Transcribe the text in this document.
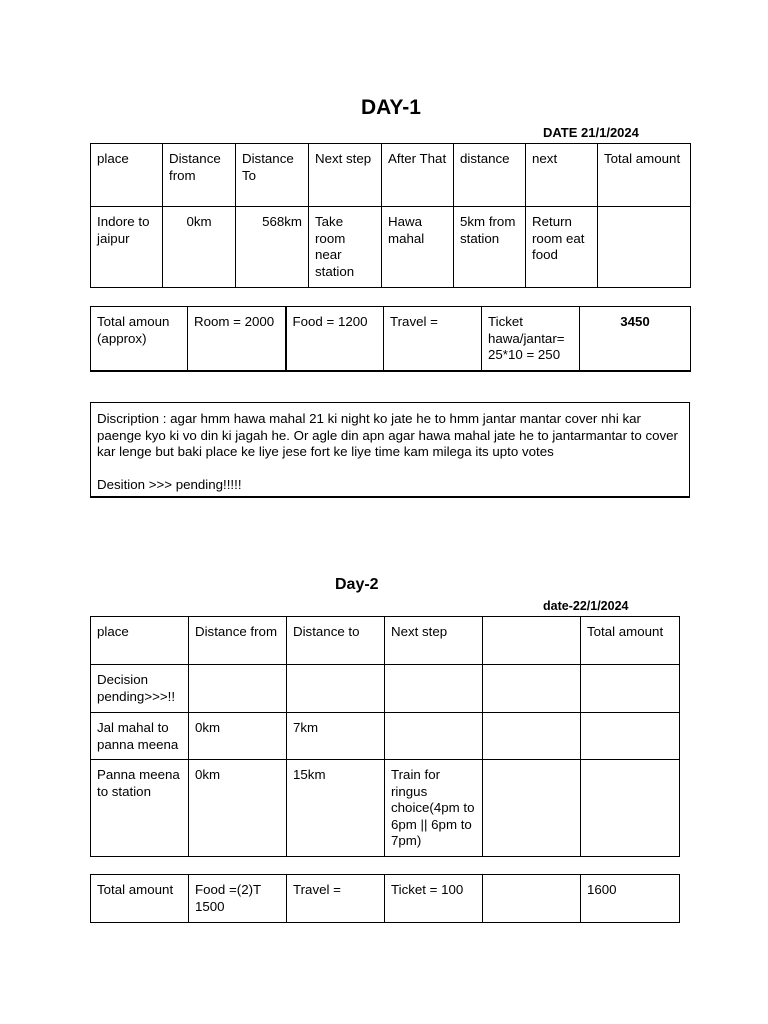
DAY-1
DATE 21/1/2024
place	Distance from	Distance To	Next step	After That	distance	next	Total amount
Indore to jaipur	0km	568km	Take room near station	Hawa mahal	5km from station	Return room eat food	
Total amoun (approx)	Room = 2000	Food = 1200	Travel =	Ticket hawa/jantar= 25*10 = 250	3450

Discription : agar hmm hawa mahal 21 ki night ko jate he to hmm jantar mantar cover nhi kar paenge kyo ki vo din ki jagah he. Or agle din apn agar hawa mahal jate he to jantarmantar to cover kar lenge but baki place ke liye jese fort ke liye time kam milega its upto votes

Desition >>> pending!!!!!

Day-2
date-22/1/2024
place	Distance from	Distance to	Next step		Total amount
Decision pending>>>!!					
Jal mahal to panna meena	0km	7km			
Panna meena to station	0km	15km	Train for ringus choice(4pm to 6pm || 6pm to 7pm)		
Total amount	Food =(2)T 1500	Travel =	Ticket = 100		1600
